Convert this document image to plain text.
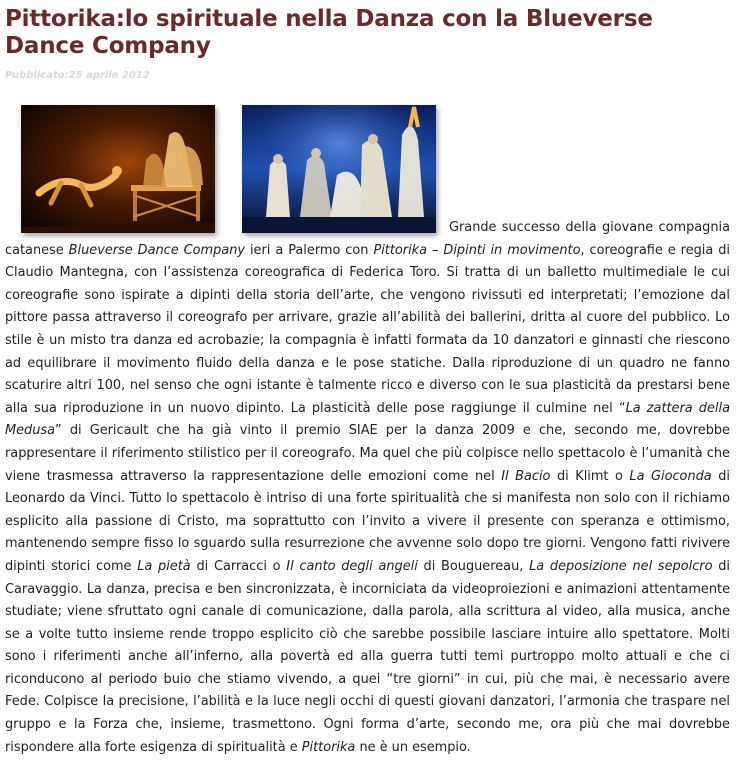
Pittorika:lo spirituale nella Danza con la Blueverse Dance Company
Pubblicato:25 aprile 2012

Grande successo della giovane compagnia catanese Blueverse Dance Company ieri a Palermo con Pittorika – Dipinti in movimento, coreografie e regia di Claudio Mantegna, con l’assistenza coreografica di Federica Toro. Si tratta di un balletto multimediale le cui coreografie sono ispirate a dipinti della storia dell’arte, che vengono rivissuti ed interpretati; l’emozione dal pittore passa attraverso il coreografo per arrivare, grazie all’abilità dei ballerini, dritta al cuore del pubblico. Lo stile è un misto tra danza ed acrobazie; la compagnia è infatti formata da 10 danzatori e ginnasti che riescono ad equilibrare il movimento fluido della danza e le pose statiche. Dalla riproduzione di un quadro ne fanno scaturire altri 100, nel senso che ogni istante è talmente ricco e diverso con le sua plasticità da prestarsi bene alla sua riproduzione in un nuovo dipinto. La plasticità delle pose raggiunge il culmine nel “La zattera della Medusa” di Gericault che ha già vinto il premio SIAE per la danza 2009 e che, secondo me, dovrebbe rappresentare il riferimento stilistico per il coreografo. Ma quel che più colpisce nello spettacolo è l’umanità che viene trasmessa attraverso la rappresentazione delle emozioni come nel Il Bacio di Klimt o La Gioconda di Leonardo da Vinci. Tutto lo spettacolo è intriso di una forte spiritualità che si manifesta non solo con il richiamo esplicito alla passione di Cristo, ma soprattutto con l’invito a vivere il presente con speranza e ottimismo, mantenendo sempre fisso lo sguardo sulla resurrezione che avvenne solo dopo tre giorni. Vengono fatti rivivere dipinti storici come La pietà di Carracci o Il canto degli angeli di Bouguereau, La deposizione nel sepolcro di Caravaggio. La danza, precisa e ben sincronizzata, è incorniciata da videoproiezioni e animazioni attentamente studiate; viene sfruttato ogni canale di comunicazione, dalla parola, alla scrittura al video, alla musica, anche se a volte tutto insieme rende troppo esplicito ciò che sarebbe possibile lasciare intuire allo spettatore. Molti sono i riferimenti anche all’inferno, alla povertà ed alla guerra tutti temi purtroppo molto attuali e che ci riconducono al periodo buio che stiamo vivendo, a quei “tre giorni” in cui, più che mai, è necessario avere Fede. Colpisce la precisione, l’abilità e la luce negli occhi di questi giovani danzatori, l’armonia che traspare nel gruppo e la Forza che, insieme, trasmettono. Ogni forma d’arte, secondo me, ora più che mai dovrebbe rispondere alla forte esigenza di spiritualità e Pittorika ne è un esempio.
